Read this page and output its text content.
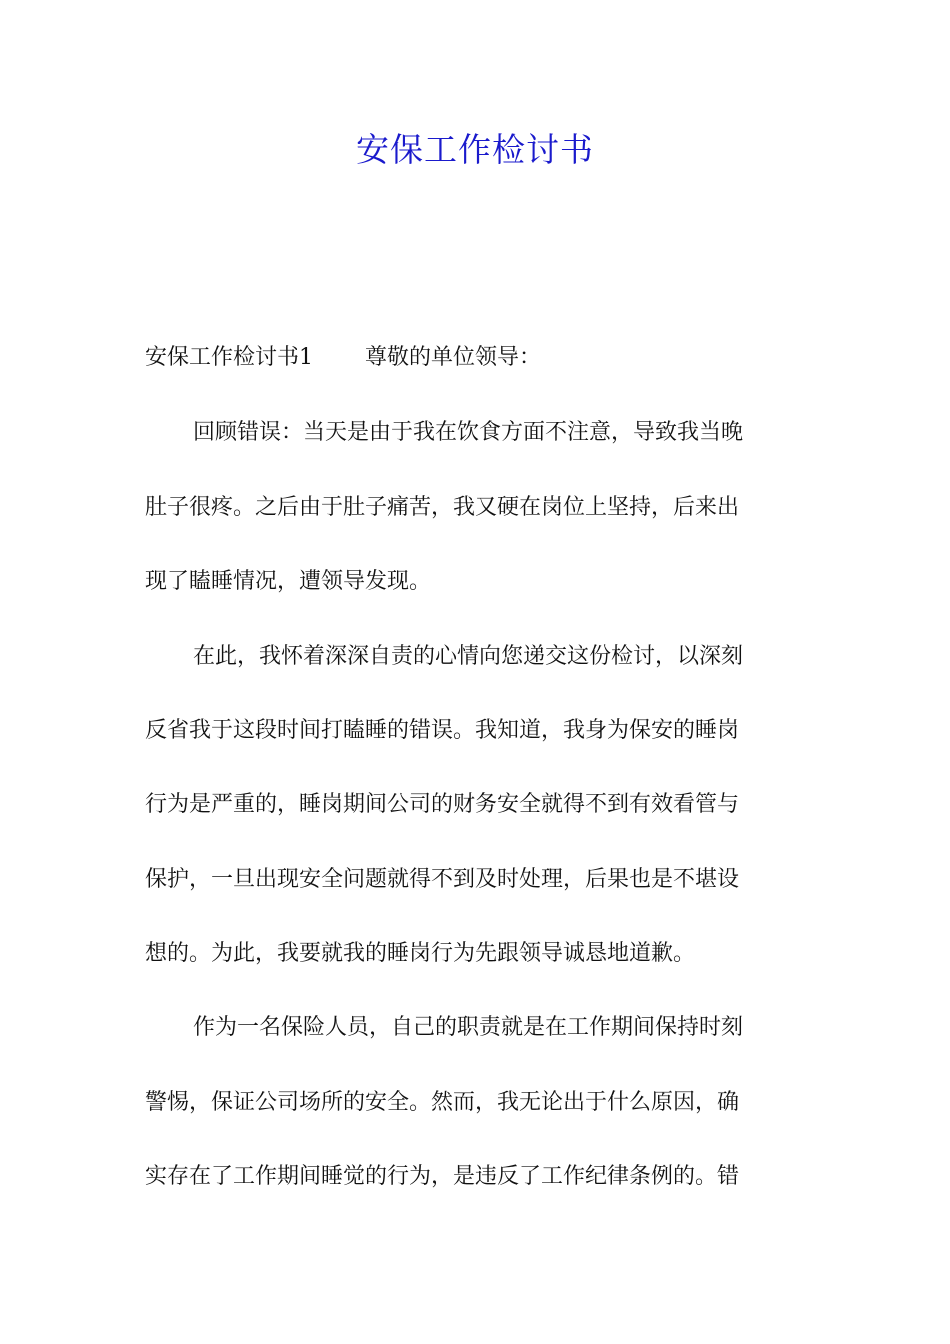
安保工作检讨书
安保工作检讨书1 尊敬的单位领导：
回顾错误：当天是由于我在饮食方面不注意，导致我当晚
肚子很疼。之后由于肚子痛苦，我又硬在岗位上坚持，后来出
现了瞌睡情况，遭领导发现。
在此，我怀着深深自责的心情向您递交这份检讨，以深刻
反省我于这段时间打瞌睡的错误。我知道，我身为保安的睡岗
行为是严重的，睡岗期间公司的财务安全就得不到有效看管与
保护，一旦出现安全问题就得不到及时处理，后果也是不堪设
想的。为此，我要就我的睡岗行为先跟领导诚恳地道歉。
作为一名保险人员，自己的职责就是在工作期间保持时刻
警惕，保证公司场所的安全。然而，我无论出于什么原因，确
实存在了工作期间睡觉的行为，是违反了工作纪律条例的。错
